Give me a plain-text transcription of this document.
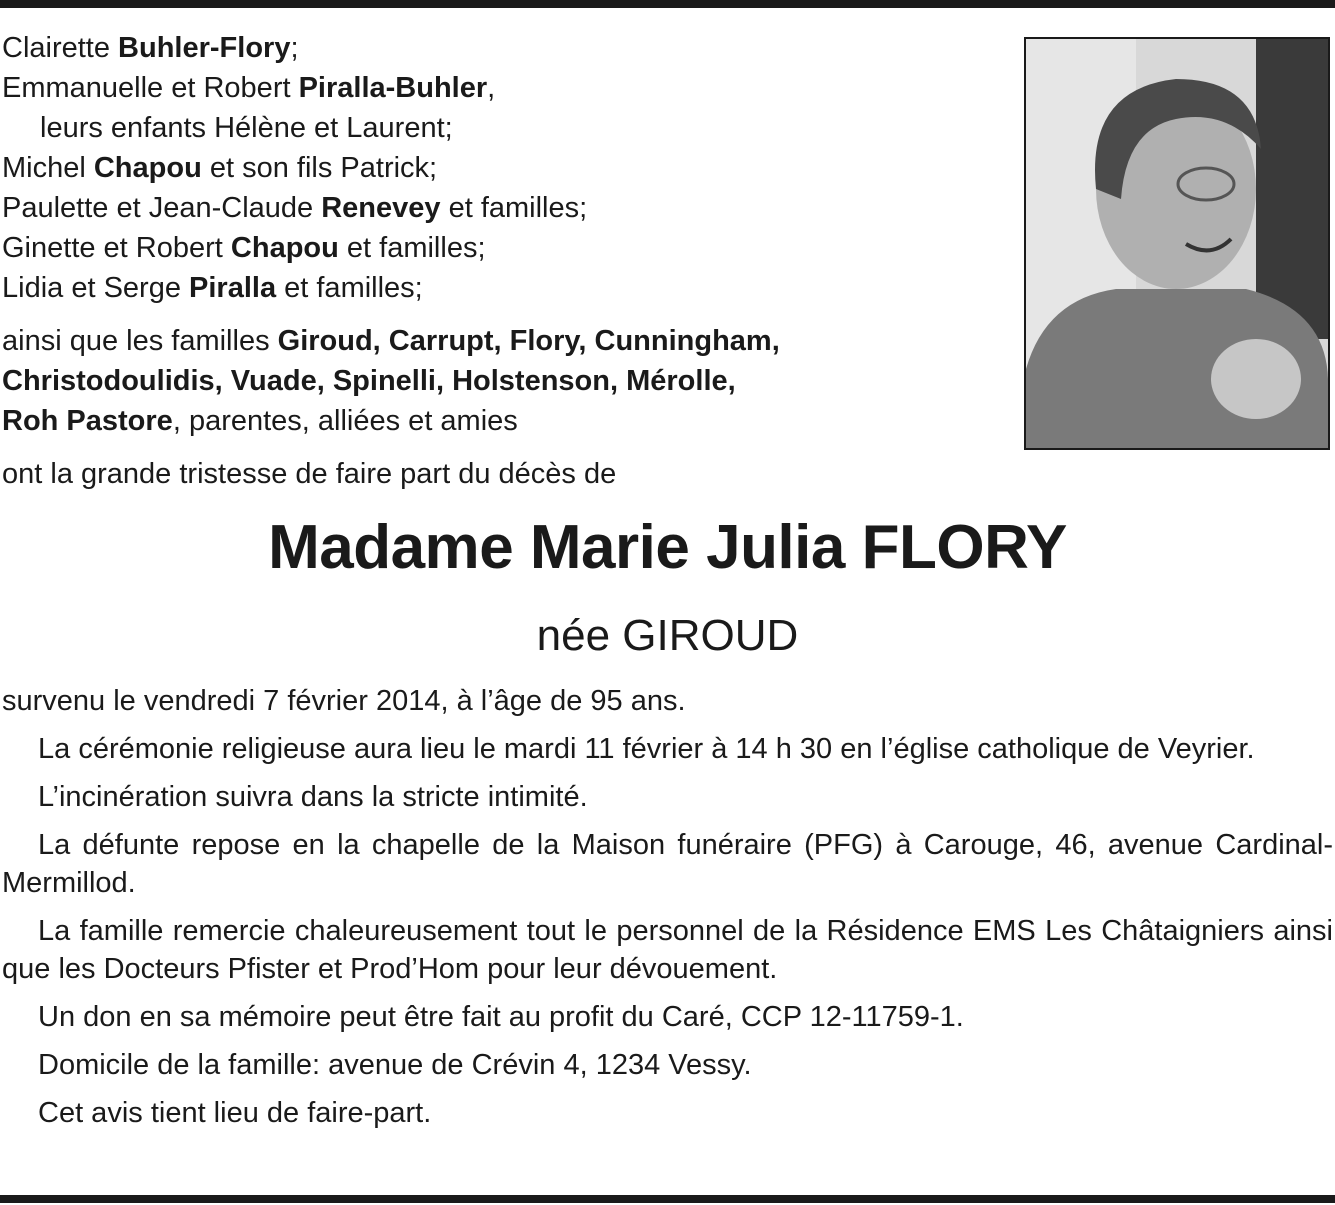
Clairette Buhler-Flory;
Emmanuelle et Robert Piralla-Buhler,
leurs enfants Hélène et Laurent;
Michel Chapou et son fils Patrick;
Paulette et Jean-Claude Renevey et familles;
Ginette et Robert Chapou et familles;
Lidia et Serge Piralla et familles;
ainsi que les familles Giroud, Carrupt, Flory, Cunningham,
Christodoulidis, Vuade, Spinelli, Holstenson, Mérolle,
Roh Pastore, parentes, alliées et amies
ont la grande tristesse de faire part du décès de
Madame Marie Julia FLORY
née GIROUD

survenu le vendredi 7 février 2014, à l’âge de 95 ans.

La cérémonie religieuse aura lieu le mardi 11 février à 14 h 30 en l’église catholique de Veyrier.

L’incinération suivra dans la stricte intimité.

La défunte repose en la chapelle de la Maison funéraire (PFG) à Carouge, 46, avenue Cardinal-Mermillod.

La famille remercie chaleureusement tout le personnel de la Résidence EMS Les Châtaigniers ainsi que les Docteurs Pfister et Prod’Hom pour leur dévouement.

Un don en sa mémoire peut être fait au profit du Caré, CCP 12-11759-1.

Domicile de la famille: avenue de Crévin 4, 1234 Vessy.

Cet avis tient lieu de faire-part.
